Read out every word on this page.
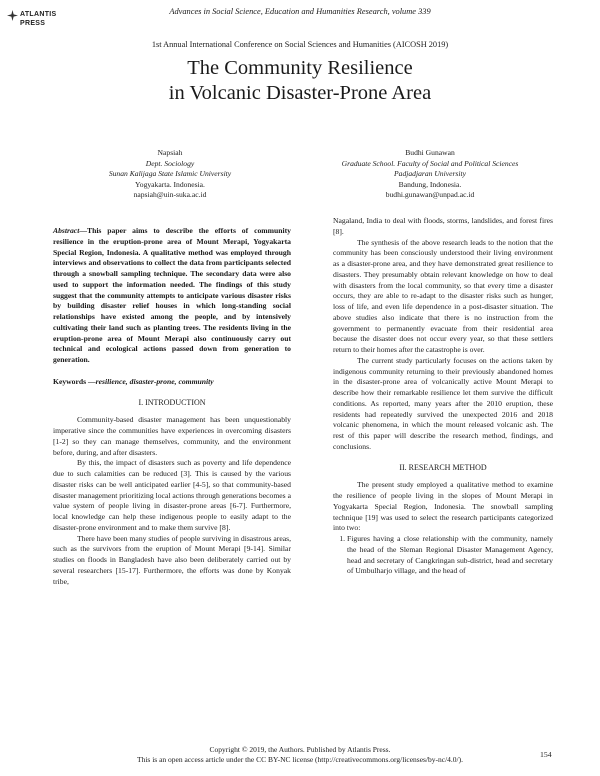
ATLANTIS
PRESS
Advances in Social Science, Education and Humanities Research, volume 339
1st Annual International Conference on Social Sciences and Humanities (AICOSH 2019)
The Community Resilience
in Volcanic Disaster-Prone Area
Napsiah
Dept. Sociology
Sunan Kalijaga State Islamic University
Yogyakarta. Indonesia.
napsiah@uin-suka.ac.id
Budhi Gunawan
Graduate School. Faculty of Social and Political Sciences
Padjadjaran University
Bandung, Indonesia.
budhi.gunawan@unpad.ac.id

Abstract—This paper aims to describe the efforts of community resilience in the eruption-prone area of Mount Merapi, Yogyakarta Special Region, Indonesia. A qualitative method was employed through interviews and observations to collect the data from participants selected through a snowball sampling technique. The secondary data were also used to support the information needed. The findings of this study suggest that the community attempts to anticipate various disaster risks by building disaster relief houses in which long-standing social relationships have existed among the people, and by intensively cultivating their land such as planting trees. The residents living in the eruption-prone area of Mount Merapi also continuously carry out technical and ecological actions passed down from generation to generation.

Keywords —resilience, disaster-prone, community

I. INTRODUCTION

Community-based disaster management has been unquestionably imperative since the communities have experiences in overcoming disasters [1-2] so they can manage themselves, community, and the environment before, during, and after disasters.

By this, the impact of disasters such as poverty and life dependence due to such calamities can be reduced [3]. This is caused by the various disaster risks can be well anticipated earlier [4-5], so that community-based disaster management prioritizing local actions through generations becomes a value system of people living in disaster-prone areas [6-7]. Furthermore, local knowledge can help these indigenous people to easily adapt to the disaster-prone environment and to make them survive [8].

There have been many studies of people surviving in disastrous areas, such as the survivors from the eruption of Mount Merapi [9-14]. Similar studies on floods in Bangladesh have also been deliberately carried out by several researchers [15-17]. Furthermore, the efforts was done by Konyak tribe,

Nagaland, India to deal with floods, storms, landslides, and forest fires [8].

The synthesis of the above research leads to the notion that the community has been consciously understood their living environment as a disaster-prone area, and they have demonstrated great resilience to disasters. They presumably obtain relevant knowledge on how to deal with disasters from the local community, so that every time a disaster occurs, they are able to re-adapt to the disaster risks such as hunger, loss of life, and even life dependence in a post-disaster situation. The above studies also indicate that there is no instruction from the government to permanently evacuate from their residential area because the disaster does not occur every year, so that these settlers return to their homes after the catastrophe is over.

The current study particularly focuses on the actions taken by indigenous community returning to their previously abandoned homes in the disaster-prone area of volcanically active Mount Merapi to describe how their remarkable resilience let them survive the difficult conditions. As reported, many years after the 2010 eruption, these residents had repeatedly survived the unexpected 2016 and 2018 volcanic phenomena, in which the mount released volcanic ash. The rest of this paper will describe the research method, findings, and conclusions.

II. RESEARCH METHOD

The present study employed a qualitative method to examine the resilience of people living in the slopes of Mount Merapi in Yogyakarta Special Region, Indonesia. The snowball sampling technique [19] was used to select the research participants categorized into two:

1. Figures having a close relationship with the community, namely the head of the Sleman Regional Disaster Management Agency, head and secretary of Cangkringan sub-district, head and secretary of Umbulharjo village, and the head of
Copyright © 2019, the Authors. Published by Atlantis Press.
This is an open access article under the CC BY-NC license (http://creativecommons.org/licenses/by-nc/4.0/).
154
